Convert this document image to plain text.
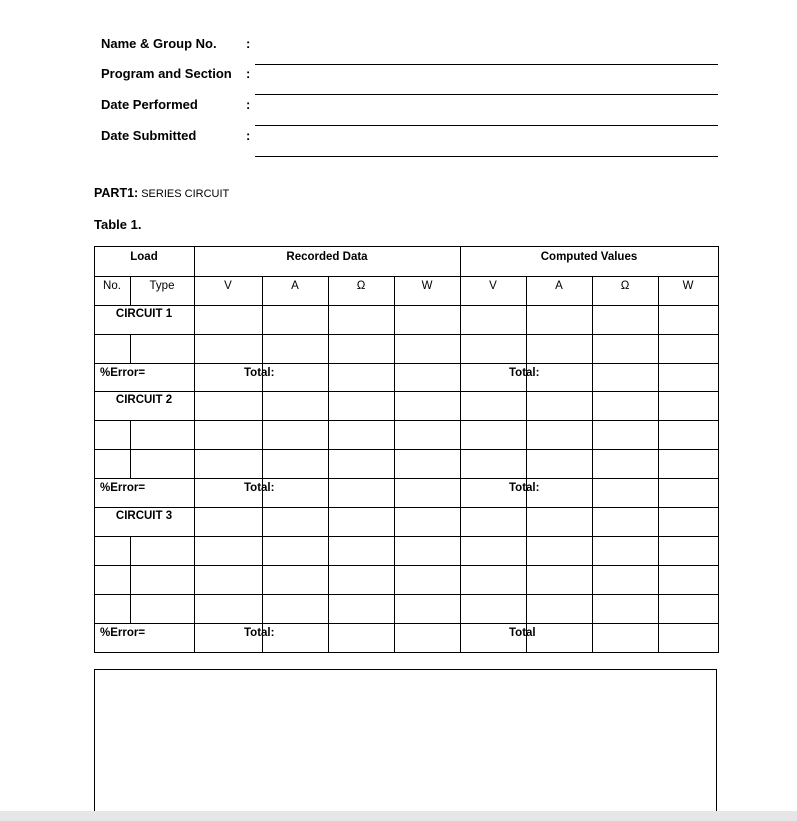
Name & Group No. :
Program and Section :
Date Performed	:
Date Submitted	:
PART1: SERIES CIRCUIT
Table 1.
Load	Recorded Data	Computed Values
No. Type	V	A	Ω	W	V	A	Ω	W
CIRCUIT 1
%Error=	Total:	Total:
CIRCUIT 2
%Error=	Total:	Total:
CIRCUIT 3
%Error=	Total:	Total
